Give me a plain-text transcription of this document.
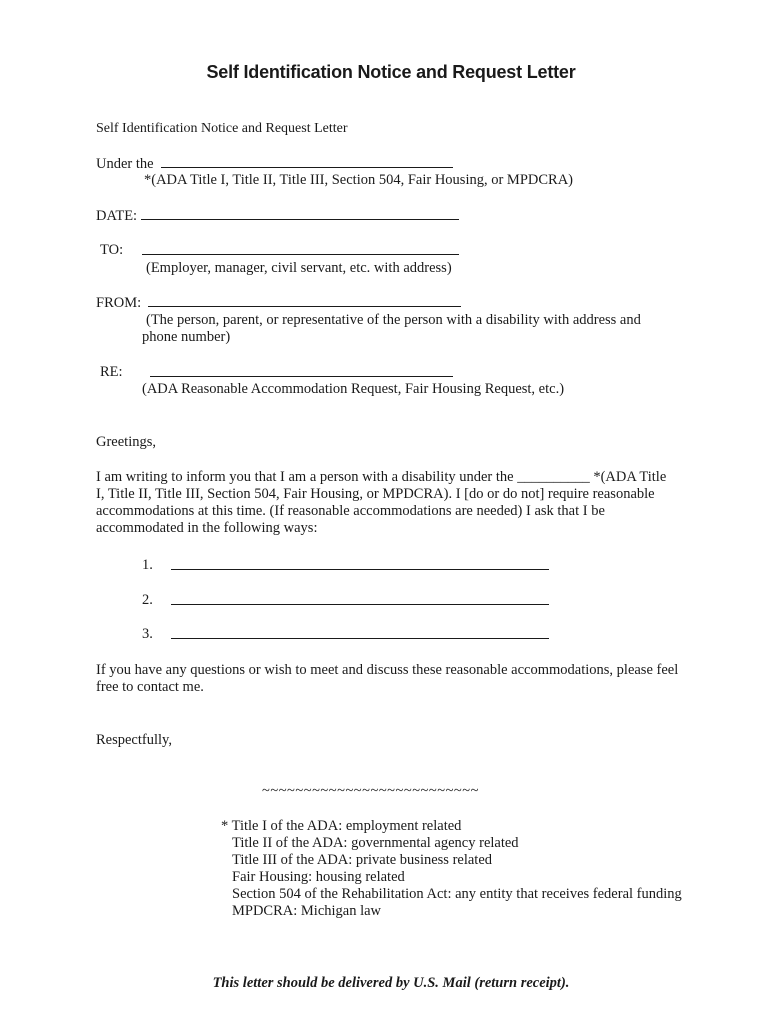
Self Identification Notice and Request Letter
Self Identification Notice and Request Letter
Under the
*(ADA Title I, Title II, Title III, Section 504, Fair Housing, or MPDCRA)
DATE:
TO:
(Employer, manager, civil servant, etc. with address)
FROM:
(The person, parent, or representative of the person with a disability with address and
phone number)
RE:
(ADA Reasonable Accommodation Request, Fair Housing Request, etc.)
Greetings,
I am writing to inform you that I am a person with a disability under the __________ *(ADA Title
I, Title II, Title III, Section 504, Fair Housing, or MPDCRA). I [do or do not] require reasonable
accommodations at this time. (If reasonable accommodations are needed) I ask that I be
accommodated in the following ways:
1.
2.
3.
If you have any questions or wish to meet and discuss these reasonable accommodations, please feel
free to contact me.
Respectfully,
~~~~~~~~~~~~~~~~~~~~~~~~~~
* Title I of the ADA: employment related
Title II of the ADA: governmental agency related
Title III of the ADA: private business related
Fair Housing: housing related
Section 504 of the Rehabilitation Act: any entity that receives federal funding
MPDCRA: Michigan law
This letter should be delivered by U.S. Mail (return receipt).
